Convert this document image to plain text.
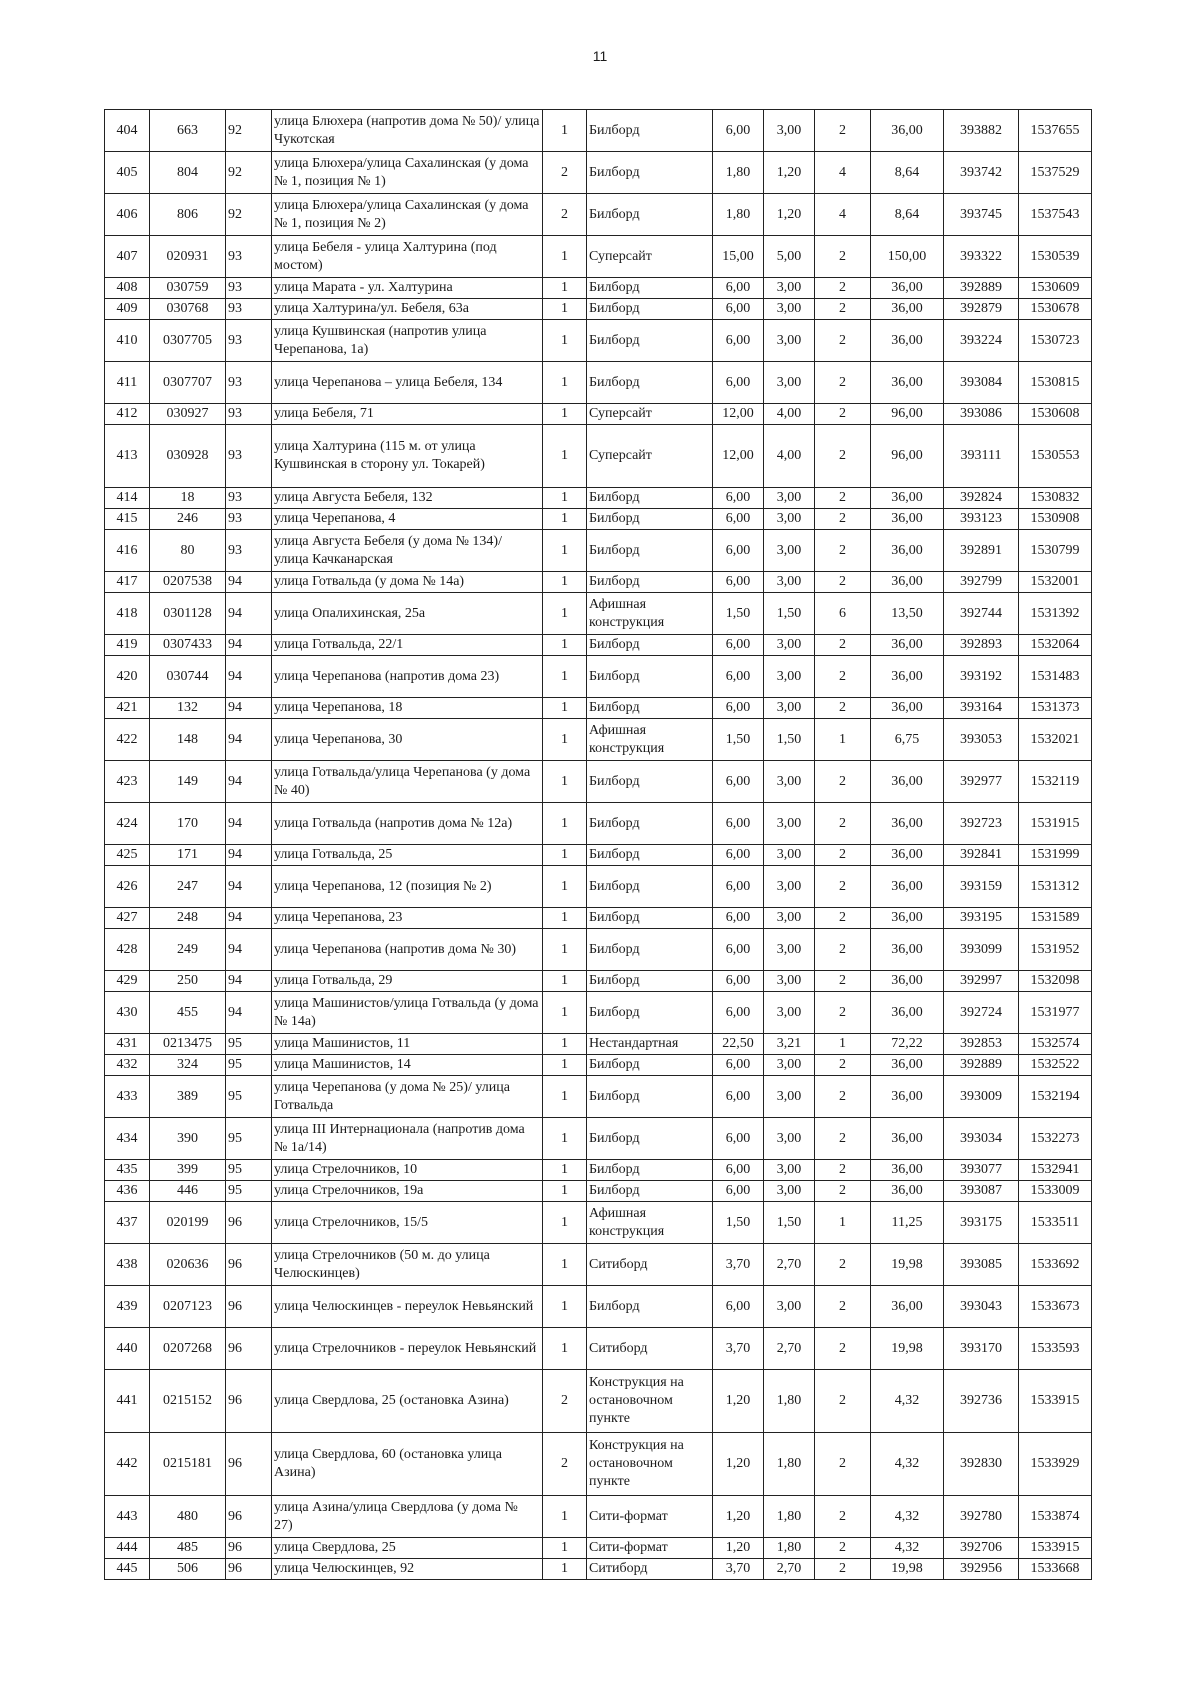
11
404	663	92	улица Блюхера (напротив дома № 50)/ улица Чукотская	1	Билборд	6,00	3,00	2	36,00	393882	1537655
405	804	92	улица Блюхера/улица Сахалинская (у дома № 1, позиция № 1)	2	Билборд	1,80	1,20	4	8,64	393742	1537529
406	806	92	улица Блюхера/улица Сахалинская (у дома № 1, позиция № 2)	2	Билборд	1,80	1,20	4	8,64	393745	1537543
407	020931	93	улица Бебеля - улица Халтурина (под мостом)	1	Суперсайт	15,00	5,00	2	150,00	393322	1530539
408	030759	93	улица Марата - ул. Халтурина	1	Билборд	6,00	3,00	2	36,00	392889	1530609
409	030768	93	улица Халтурина/ул. Бебеля, 63а	1	Билборд	6,00	3,00	2	36,00	392879	1530678
410	0307705	93	улица Кушвинская (напротив улица Черепанова, 1а)	1	Билборд	6,00	3,00	2	36,00	393224	1530723
411	0307707	93	улица Черепанова – улица Бебеля, 134	1	Билборд	6,00	3,00	2	36,00	393084	1530815
412	030927	93	улица Бебеля, 71	1	Суперсайт	12,00	4,00	2	96,00	393086	1530608
413	030928	93	улица Халтурина (115 м. от улица Кушвинская в сторону ул. Токарей)	1	Суперсайт	12,00	4,00	2	96,00	393111	1530553
414	18	93	улица Августа Бебеля, 132	1	Билборд	6,00	3,00	2	36,00	392824	1530832
415	246	93	улица Черепанова, 4	1	Билборд	6,00	3,00	2	36,00	393123	1530908
416	80	93	улица Августа Бебеля (у дома № 134)/ улица Качканарская	1	Билборд	6,00	3,00	2	36,00	392891	1530799
417	0207538	94	улица Готвальда (у дома № 14а)	1	Билборд	6,00	3,00	2	36,00	392799	1532001
418	0301128	94	улица Опалихинская, 25а	1	Афишная конструкция	1,50	1,50	6	13,50	392744	1531392
419	0307433	94	улица Готвальда, 22/1	1	Билборд	6,00	3,00	2	36,00	392893	1532064
420	030744	94	улица Черепанова (напротив дома 23)	1	Билборд	6,00	3,00	2	36,00	393192	1531483
421	132	94	улица Черепанова, 18	1	Билборд	6,00	3,00	2	36,00	393164	1531373
422	148	94	улица Черепанова, 30	1	Афишная конструкция	1,50	1,50	1	6,75	393053	1532021
423	149	94	улица Готвальда/улица Черепанова (у дома № 40)	1	Билборд	6,00	3,00	2	36,00	392977	1532119
424	170	94	улица Готвальда (напротив дома № 12а)	1	Билборд	6,00	3,00	2	36,00	392723	1531915
425	171	94	улица Готвальда, 25	1	Билборд	6,00	3,00	2	36,00	392841	1531999
426	247	94	улица Черепанова, 12 (позиция № 2)	1	Билборд	6,00	3,00	2	36,00	393159	1531312
427	248	94	улица Черепанова, 23	1	Билборд	6,00	3,00	2	36,00	393195	1531589
428	249	94	улица Черепанова (напротив дома № 30)	1	Билборд	6,00	3,00	2	36,00	393099	1531952
429	250	94	улица Готвальда, 29	1	Билборд	6,00	3,00	2	36,00	392997	1532098
430	455	94	улица Машинистов/улица Готвальда (у дома № 14а)	1	Билборд	6,00	3,00	2	36,00	392724	1531977
431	0213475	95	улица Машинистов, 11	1	Нестандартная	22,50	3,21	1	72,22	392853	1532574
432	324	95	улица Машинистов, 14	1	Билборд	6,00	3,00	2	36,00	392889	1532522
433	389	95	улица Черепанова (у дома № 25)/ улица Готвальда	1	Билборд	6,00	3,00	2	36,00	393009	1532194
434	390	95	улица III Интернационала (напротив дома № 1а/14)	1	Билборд	6,00	3,00	2	36,00	393034	1532273
435	399	95	улица Стрелочников, 10	1	Билборд	6,00	3,00	2	36,00	393077	1532941
436	446	95	улица Стрелочников, 19а	1	Билборд	6,00	3,00	2	36,00	393087	1533009
437	020199	96	улица Стрелочников, 15/5	1	Афишная конструкция	1,50	1,50	1	11,25	393175	1533511
438	020636	96	улица Стрелочников (50 м. до улица Челюскинцев)	1	Ситиборд	3,70	2,70	2	19,98	393085	1533692
439	0207123	96	улица Челюскинцев - переулок Невьянский	1	Билборд	6,00	3,00	2	36,00	393043	1533673
440	0207268	96	улица Стрелочников - переулок Невьянский	1	Ситиборд	3,70	2,70	2	19,98	393170	1533593
441	0215152	96	улица Свердлова, 25 (остановка Азина)	2	Конструкция на остановочном пункте	1,20	1,80	2	4,32	392736	1533915
442	0215181	96	улица Свердлова, 60 (остановка улица Азина)	2	Конструкция на остановочном пункте	1,20	1,80	2	4,32	392830	1533929
443	480	96	улица Азина/улица Свердлова (у дома № 27)	1	Сити-формат	1,20	1,80	2	4,32	392780	1533874
444	485	96	улица Свердлова, 25	1	Сити-формат	1,20	1,80	2	4,32	392706	1533915
445	506	96	улица Челюскинцев, 92	1	Ситиборд	3,70	2,70	2	19,98	392956	1533668
